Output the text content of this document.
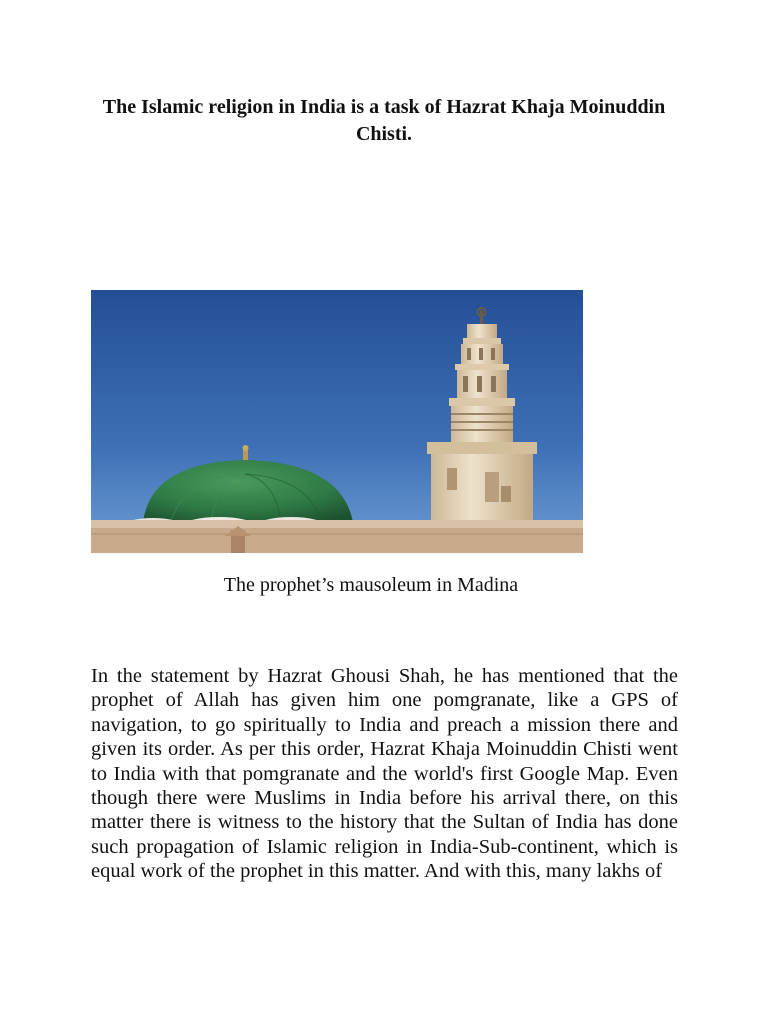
The Islamic religion in India is a task of Hazrat Khaja Moinuddin Chisti.

The prophet’s mausoleum in Madina

In the statement by Hazrat Ghousi Shah, he has mentioned that the prophet of Allah has given him one pomgranate, like a GPS of navigation, to go spiritually to India and preach a mission there and given its order. As per this order, Hazrat Khaja Moinuddin Chisti went to India with that pomgranate and the world's first Google Map. Even though there were Muslims in India before his arrival there, on this matter there is witness to the history that the Sultan of India has done such propagation of Islamic religion in India-Sub-continent, which is equal work of the prophet in this matter. And with this, many lakhs of
